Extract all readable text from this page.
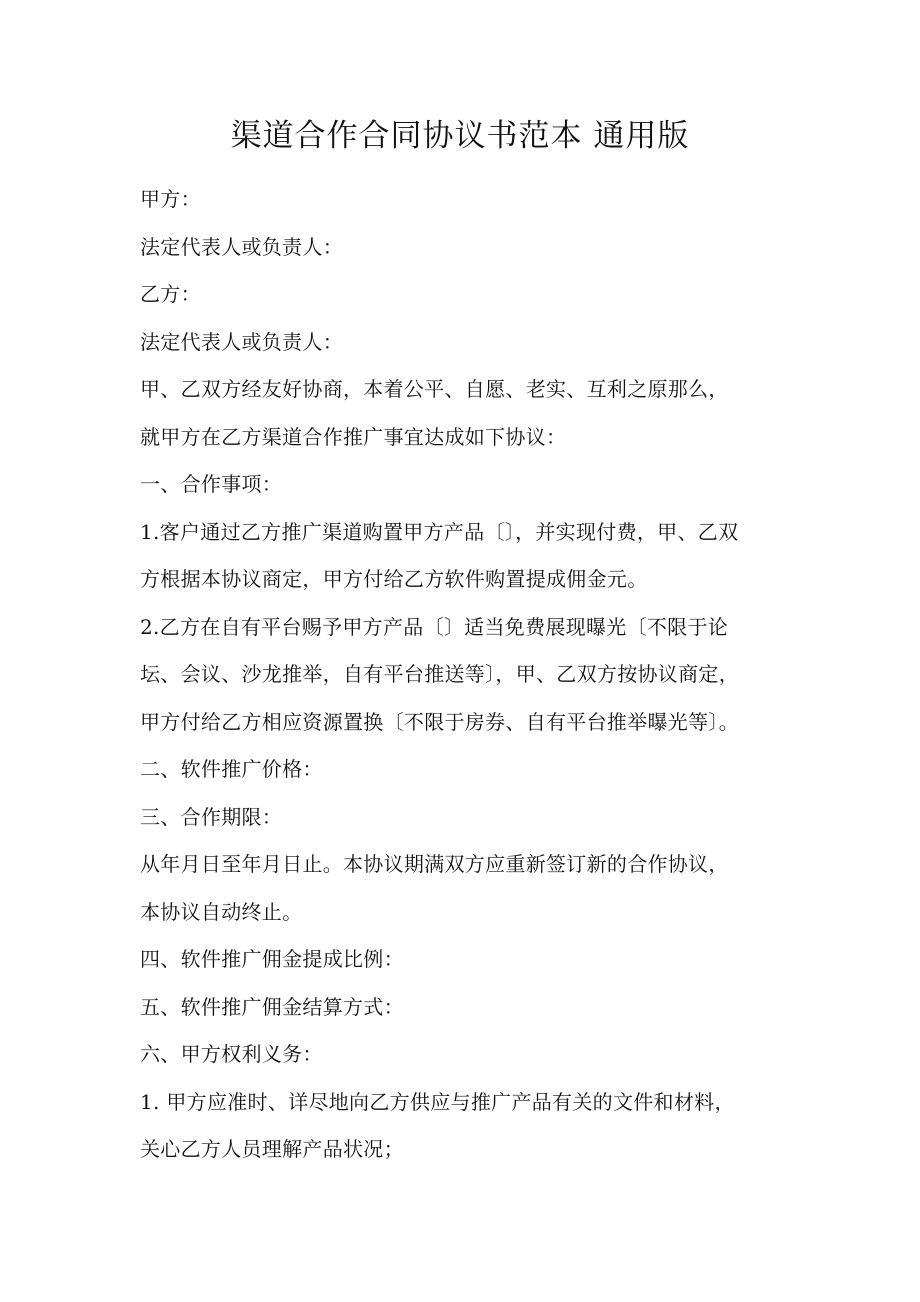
渠道合作合同协议书范本 通用版
甲方：
法定代表人或负责人：
乙方：
法定代表人或负责人：
甲、乙双方经友好协商，本着公平、自愿、老实、互利之原那么，
就甲方在乙方渠道合作推广事宜达成如下协议：
一、合作事项：
1.客户通过乙方推广渠道购置甲方产品〔〕，并实现付费，甲、乙双
方根据本协议商定，甲方付给乙方软件购置提成佣金元。
2.乙方在自有平台赐予甲方产品〔〕适当免费展现曝光〔不限于论
坛、会议、沙龙推举，自有平台推送等〕，甲、乙双方按协议商定，
甲方付给乙方相应资源置换〔不限于房券、自有平台推举曝光等〕。
二、软件推广价格：
三、合作期限：
从年月日至年月日止。本协议期满双方应重新签订新的合作协议，
本协议自动终止。
四、软件推广佣金提成比例：
五、软件推广佣金结算方式：
六、甲方权利义务：
1. 甲方应准时、详尽地向乙方供应与推广产品有关的文件和材料，
关心乙方人员理解产品状况；
